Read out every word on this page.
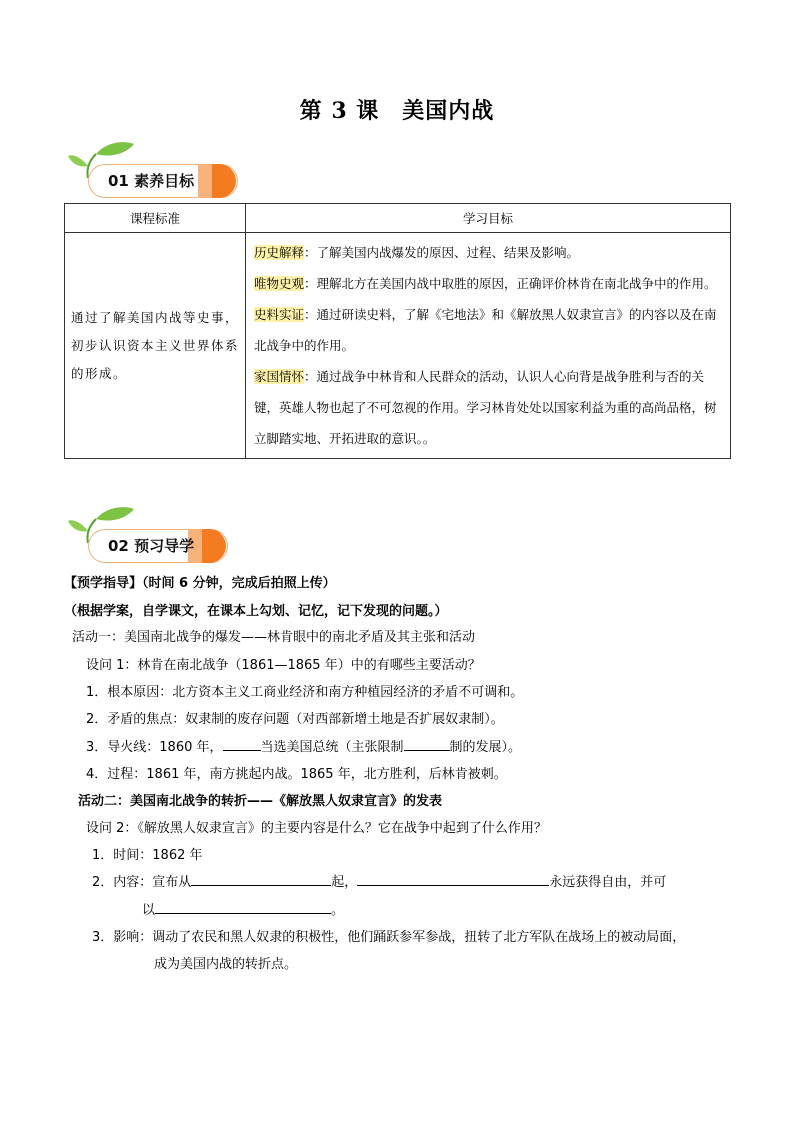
第 3 课　美国内战
01 素养目标
课程标准	学习目标
通过了解美国内战等史事，初步认识资本主义世界体系的形成。	历史解释：了解美国内战爆发的原因、过程、结果及影响。
唯物史观：理解北方在美国内战中取胜的原因，正确评价林肯在南北战争中的作用。
史料实证：通过研读史料，了解《宅地法》和《解放黑人奴隶宣言》的内容以及在南北战争中的作用。
家国情怀：通过战争中林肯和人民群众的活动，认识人心向背是战争胜利与否的关键，英雄人物也起了不可忽视的作用。学习林肯处处以国家利益为重的高尚品格，树立脚踏实地、开拓进取的意识。。
02 预习导学
【预学指导】（时间 6 分钟，完成后拍照上传）
（根据学案，自学课文，在课本上勾划、记忆，记下发现的问题。）
活动一：美国南北战争的爆发——林肯眼中的南北矛盾及其主张和活动
设问 1：林肯在南北战争（1861—1865 年）中的有哪些主要活动？
1．根本原因：北方资本主义工商业经济和南方种植园经济的矛盾不可调和。
2．矛盾的焦点：奴隶制的废存问题（对西部新增土地是否扩展奴隶制）。
3．导火线：1860 年，	当选美国总统（主张限制	制的发展）。
4．过程：1861 年，南方挑起内战。1865 年，北方胜利，后林肯被刺。
活动二：美国南北战争的转折——《解放黑人奴隶宣言》的发表
设问 2：《解放黑人奴隶宣言》的主要内容是什么？它在战争中起到了什么作用？
1．时间：1862 年
2．内容：宣布从	起，	永远获得自由，并可
以	。
3．影响：调动了农民和黑人奴隶的积极性，他们踊跃参军参战，扭转了北方军队在战场上的被动局面，
成为美国内战的转折点。
